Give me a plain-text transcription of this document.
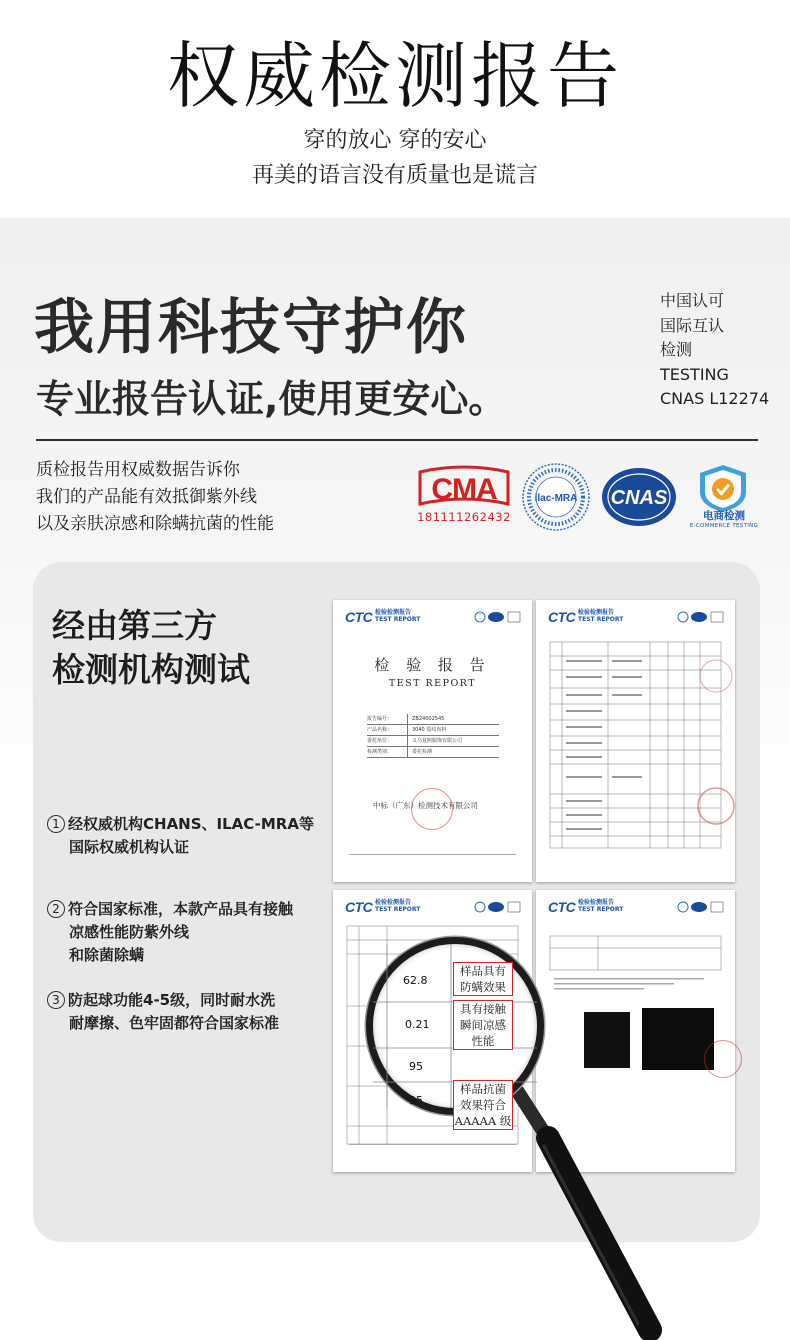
权威检测报告
穿的放心 穿的安心
再美的语言没有质量也是谎言
我用科技守护你
专业报告认证,使用更安心。
中国认可
国际互认
检测
TESTING
CNAS L12274
质检报告用权威数据告诉你
我们的产品能有效抵御紫外线
以及亲肤凉感和除螨抗菌的性能
CMA
181111262432
ilac-MRA CNAS
电商检测
E-COMMERCE TESTING
经由第三方
检测机构测试
1 经权威机构CHANS、ILAC-MRA等
国际权威机构认证
2 符合国家标准，本款产品具有接触
凉感性能防紫外线
和除菌除螨
3 防起球功能4-5级，同时耐水洗
耐摩擦、色牢固都符合国家标准
CTC 检验检测报告
TEST REPORT
检 验 报 告
TEST REPORT
报告编号：	ZB24002545
产品名称：	3040 裂纹布料
委托单位：	义乌复熙服饰有限公司
检测类别：	委托检测
中标（广东）检测技术有限公司
CTC 检验检测报告
TEST REPORT
CTC 检验检测报告
TEST REPORT	CTC 检验检测报告
TEST REPORT
62.8
0.21
95
95
样品具有
防螨效果
具有接触
瞬间凉感
性能
样品抗菌
效果符合
AAAAA 级
